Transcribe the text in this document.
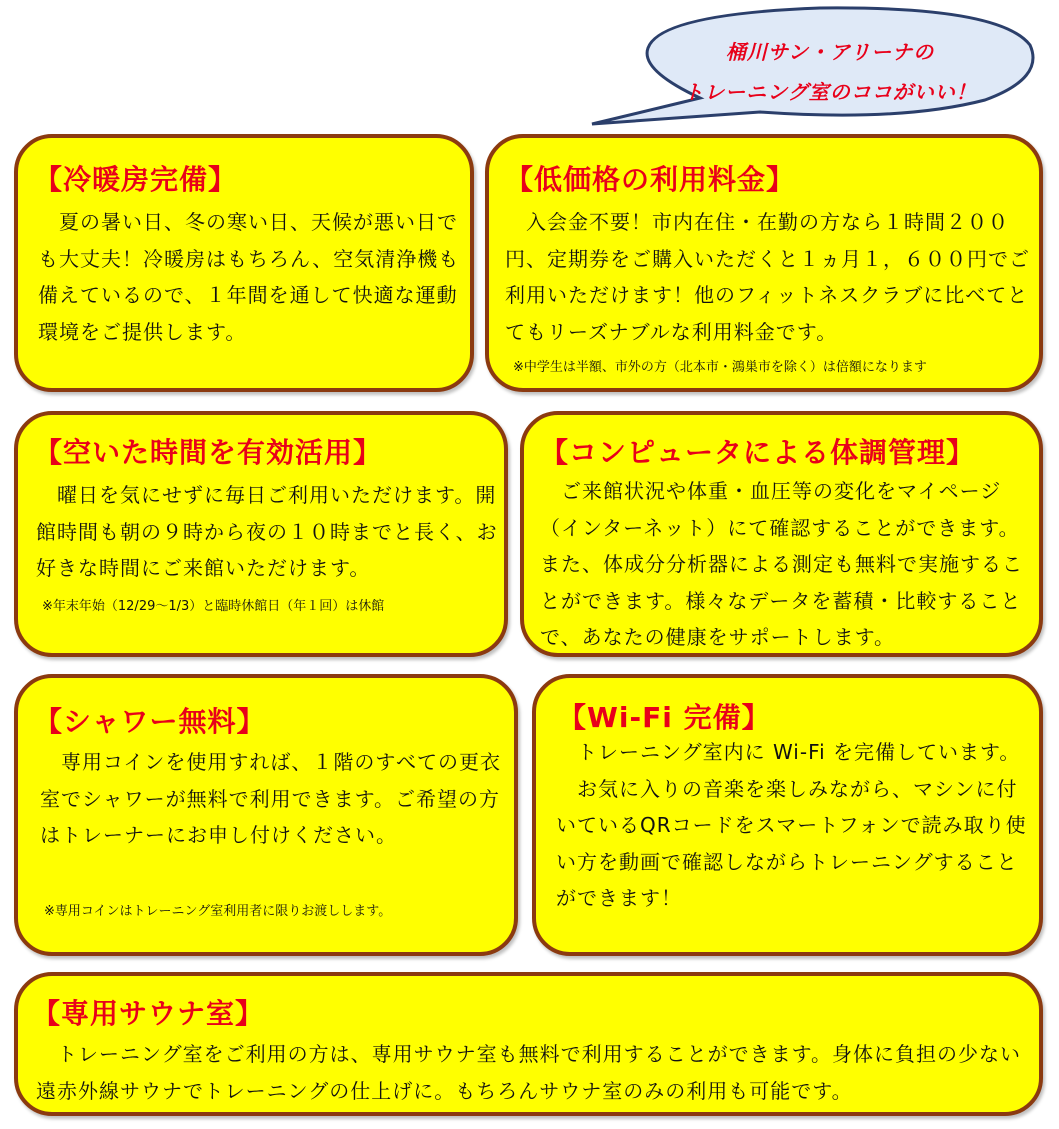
桶川サン・アリーナの
トレーニング室のココがいい！
【冷暖房完備】

　夏の暑い日、冬の寒い日、天候が悪い日でも大丈夫！冷暖房はもちろん、空気清浄機も備えているので、１年間を通して快適な運動環境をご提供します。

【低価格の利用料金】

　入会金不要！市内在住・在勤の方なら１時間２００円、定期券をご購入いただくと１ヵ月１，６００円でご利用いただけます！他のフィットネスクラブに比べてとてもリーズナブルな利用料金です。

※中学生は半額、市外の方（北本市・鴻巣市を除く）は倍額になります
【空いた時間を有効活用】

　曜日を気にせずに毎日ご利用いただけます。開館時間も朝の９時から夜の１０時までと長く、お好きな時間にご来館いただけます。

※年末年始（12/29～1/3）と臨時休館日（年１回）は休館
【コンピュータによる体調管理】

　ご来館状況や体重・血圧等の変化をマイページ（インターネット）にて確認することができます。また、体成分分析器による測定も無料で実施することができます。様々なデータを蓄積・比較することで、あなたの健康をサポートします。

【シャワー無料】

　専用コインを使用すれば、１階のすべての更衣室でシャワーが無料で利用できます。ご希望の方はトレーナーにお申し付けください。

※専用コインはトレーニング室利用者に限りお渡しします。
【Wi-Fi 完備】

　トレーニング室内に Wi-Fi を完備しています。
　お気に入りの音楽を楽しみながら、マシンに付いているQRコードをスマートフォンで読み取り使い方を動画で確認しながらトレーニングすることができます！

【専用サウナ室】

　トレーニング室をご利用の方は、専用サウナ室も無料で利用することができます。身体に負担の少ない遠赤外線サウナでトレーニングの仕上げに。もちろんサウナ室のみの利用も可能です。
